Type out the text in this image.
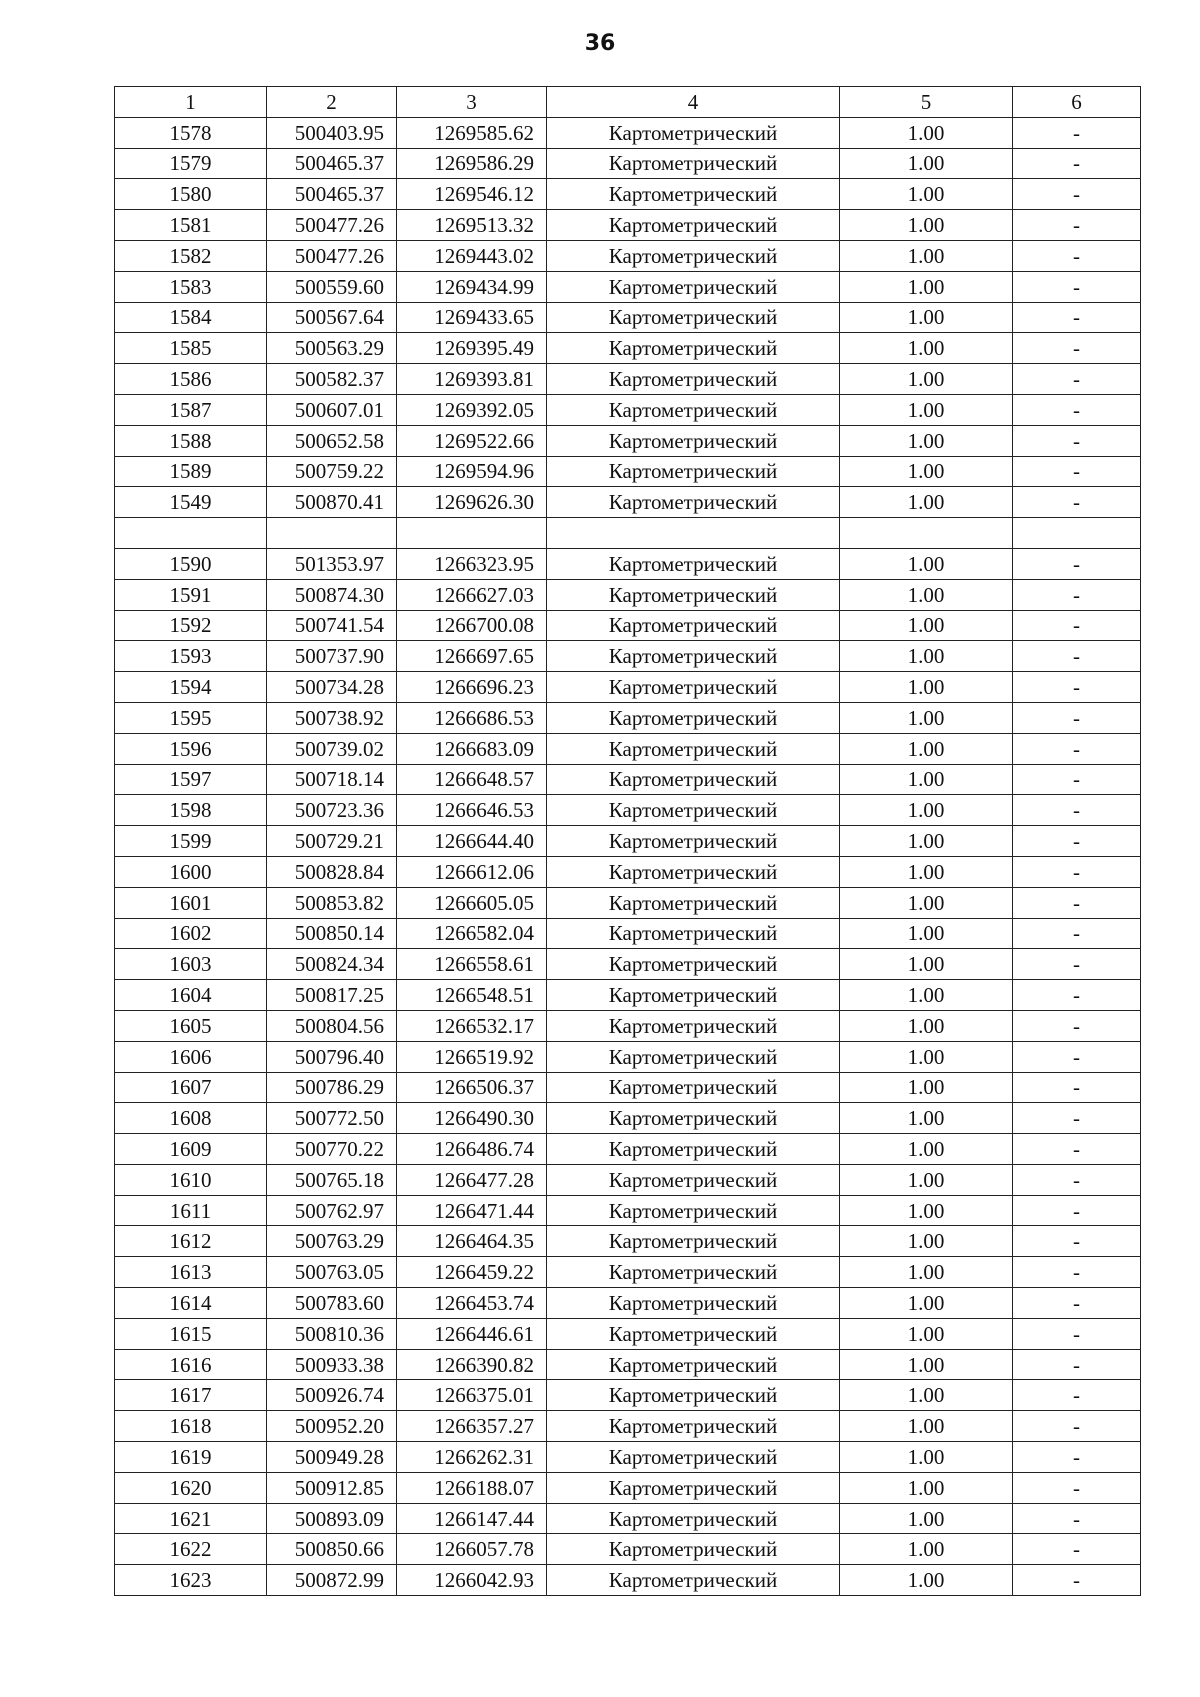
36
1	2	3	4	5	6
1578	500403.95	1269585.62	Картометрический	1.00	-
1579	500465.37	1269586.29	Картометрический	1.00	-
1580	500465.37	1269546.12	Картометрический	1.00	-
1581	500477.26	1269513.32	Картометрический	1.00	-
1582	500477.26	1269443.02	Картометрический	1.00	-
1583	500559.60	1269434.99	Картометрический	1.00	-
1584	500567.64	1269433.65	Картометрический	1.00	-
1585	500563.29	1269395.49	Картометрический	1.00	-
1586	500582.37	1269393.81	Картометрический	1.00	-
1587	500607.01	1269392.05	Картометрический	1.00	-
1588	500652.58	1269522.66	Картометрический	1.00	-
1589	500759.22	1269594.96	Картометрический	1.00	-
1549	500870.41	1269626.30	Картометрический	1.00	-

1590	501353.97	1266323.95	Картометрический	1.00	-
1591	500874.30	1266627.03	Картометрический	1.00	-
1592	500741.54	1266700.08	Картометрический	1.00	-
1593	500737.90	1266697.65	Картометрический	1.00	-
1594	500734.28	1266696.23	Картометрический	1.00	-
1595	500738.92	1266686.53	Картометрический	1.00	-
1596	500739.02	1266683.09	Картометрический	1.00	-
1597	500718.14	1266648.57	Картометрический	1.00	-
1598	500723.36	1266646.53	Картометрический	1.00	-
1599	500729.21	1266644.40	Картометрический	1.00	-
1600	500828.84	1266612.06	Картометрический	1.00	-
1601	500853.82	1266605.05	Картометрический	1.00	-
1602	500850.14	1266582.04	Картометрический	1.00	-
1603	500824.34	1266558.61	Картометрический	1.00	-
1604	500817.25	1266548.51	Картометрический	1.00	-
1605	500804.56	1266532.17	Картометрический	1.00	-
1606	500796.40	1266519.92	Картометрический	1.00	-
1607	500786.29	1266506.37	Картометрический	1.00	-
1608	500772.50	1266490.30	Картометрический	1.00	-
1609	500770.22	1266486.74	Картометрический	1.00	-
1610	500765.18	1266477.28	Картометрический	1.00	-
1611	500762.97	1266471.44	Картометрический	1.00	-
1612	500763.29	1266464.35	Картометрический	1.00	-
1613	500763.05	1266459.22	Картометрический	1.00	-
1614	500783.60	1266453.74	Картометрический	1.00	-
1615	500810.36	1266446.61	Картометрический	1.00	-
1616	500933.38	1266390.82	Картометрический	1.00	-
1617	500926.74	1266375.01	Картометрический	1.00	-
1618	500952.20	1266357.27	Картометрический	1.00	-
1619	500949.28	1266262.31	Картометрический	1.00	-
1620	500912.85	1266188.07	Картометрический	1.00	-
1621	500893.09	1266147.44	Картометрический	1.00	-
1622	500850.66	1266057.78	Картометрический	1.00	-
1623	500872.99	1266042.93	Картометрический	1.00	-
